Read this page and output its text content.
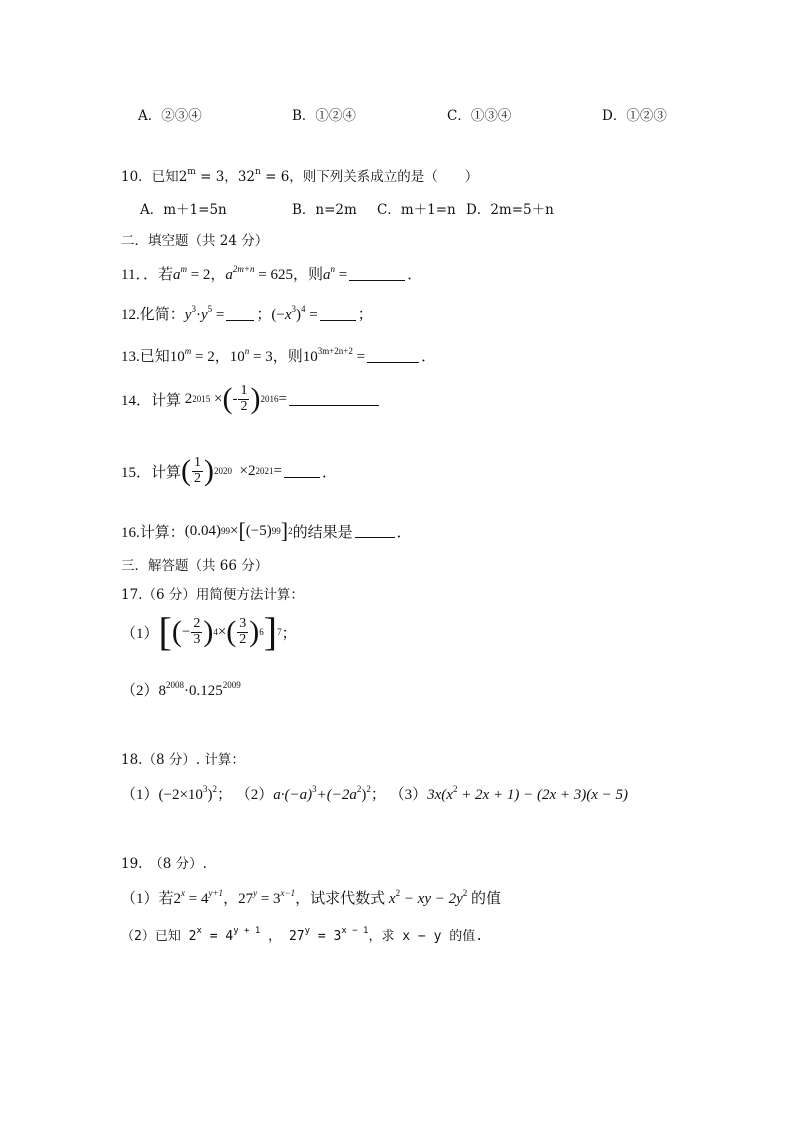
A．②③④	B．①②④	C．①③④	D．①②③
10．已知$2^m = 3$，$32^n = 6$，则下列关系成立的是（　　）
A．m＋1=5n	B．n=2m C．m＋1=n D．2m=5＋n
二．填空题（共 24 分）
11．．若$a^m = 2$，$a^{2m+n} = 625$，则$a^n$ =	．
12.化简：$y^3\cdot y^5$ = ；$(-x^3)^4$ =	；
13.已知$10^m = 2$，$10^n = 3$，则$10^{3m+2n+2}$ =	．
14．计算
2 2015
× ( - $\frac{1}{2}$ ) 2016 =
15．计算 ( $\frac{1}{2}$ ) 2020
× 2 2021 =	．
16.计算： (0.04) 99 × [ (−5) 99 ] 2 的结果是	．
三．解答题（共 66 分）
17.（6 分）用简便方法计算：
（1） [ ( − $\frac{2}{3}$ ) 4 × ( $\frac{3}{2}$ ) 6 ] 7 ；
$(2)8^{2008}\cdot 0.125^{2009}$
18.（8 分）. 计算：
$(1)(-2\times 10^3)^2$； $(2)a\cdot(-a)^3+(-2a^2)^2$； $(3)3x(x^2 + 2x + 1) - (2x + 3)(x - 5)$
19.　（8 分）.
（1）若$2^x = 4^{y+1}$，$27^y = 3^{x-1}$，试求代数式 $x^2$ − xy − $2y^2$ 的值
（2）已知 $2^x = 4^{y + 1}$ ， $27^y = 3^{x - 1}$，求 x − y 的值.
